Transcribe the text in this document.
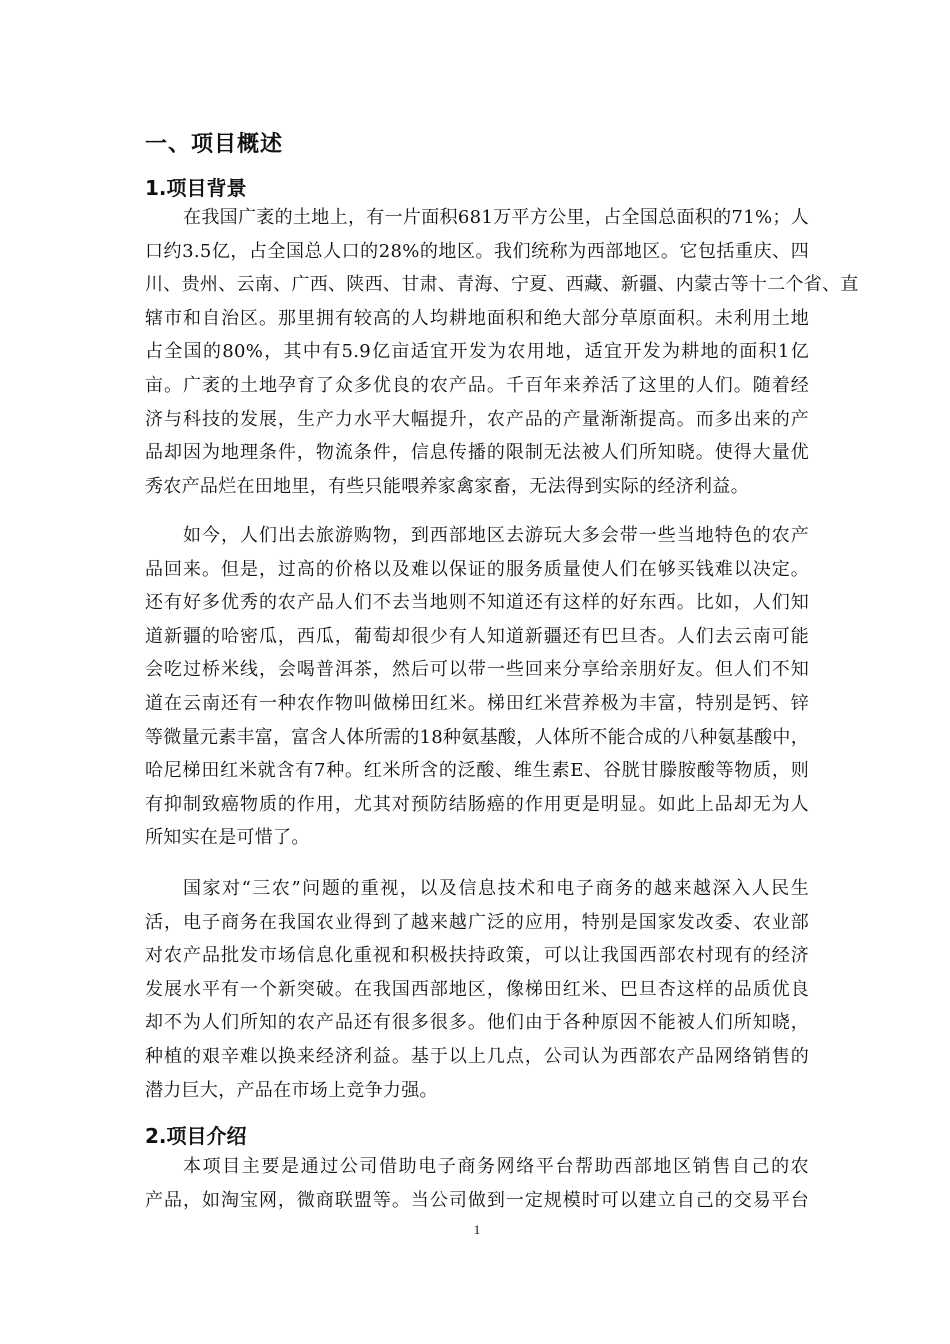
一、项目概述
1.项目背景
在我国广袤的土地上，有一片面积681万平方公里，占全国总面积的71%；人
口约3.5亿，占全国总人口的28%的地区。我们统称为西部地区。它包括重庆、四
川、贵州、云南、广西、陕西、甘肃、青海、宁夏、西藏、新疆、内蒙古等十二个省、直
辖市和自治区。那里拥有较高的人均耕地面积和绝大部分草原面积。未利用土地
占全国的80%，其中有5.9亿亩适宜开发为农用地，适宜开发为耕地的面积1亿
亩。广袤的土地孕育了众多优良的农产品。千百年来养活了这里的人们。随着经
济与科技的发展，生产力水平大幅提升，农产品的产量渐渐提高。而多出来的产
品却因为地理条件，物流条件，信息传播的限制无法被人们所知晓。使得大量优
秀农产品烂在田地里，有些只能喂养家禽家畜，无法得到实际的经济利益。
如今，人们出去旅游购物，到西部地区去游玩大多会带一些当地特色的农产
品回来。但是，过高的价格以及难以保证的服务质量使人们在够买钱难以决定。
还有好多优秀的农产品人们不去当地则不知道还有这样的好东西。比如，人们知
道新疆的哈密瓜，西瓜，葡萄却很少有人知道新疆还有巴旦杏。人们去云南可能
会吃过桥米线，会喝普洱茶，然后可以带一些回来分享给亲朋好友。但人们不知
道在云南还有一种农作物叫做梯田红米。梯田红米营养极为丰富，特别是钙、锌
等微量元素丰富，富含人体所需的18种氨基酸，人体所不能合成的八种氨基酸中，
哈尼梯田红米就含有7种。红米所含的泛酸、维生素E、谷胱甘滕胺酸等物质，则
有抑制致癌物质的作用，尤其对预防结肠癌的作用更是明显。如此上品却无为人
所知实在是可惜了。
国家对“三农”问题的重视，以及信息技术和电子商务的越来越深入人民生
活，电子商务在我国农业得到了越来越广泛的应用，特别是国家发改委、农业部
对农产品批发市场信息化重视和积极扶持政策，可以让我国西部农村现有的经济
发展水平有一个新突破。在我国西部地区，像梯田红米、巴旦杏这样的品质优良
却不为人们所知的农产品还有很多很多。他们由于各种原因不能被人们所知晓，
种植的艰辛难以换来经济利益。基于以上几点，公司认为西部农产品网络销售的
潜力巨大，产品在市场上竞争力强。
2.项目介绍
本项目主要是通过公司借助电子商务网络平台帮助西部地区销售自己的农
产品，如淘宝网，微商联盟等。当公司做到一定规模时可以建立自己的交易平台
1
